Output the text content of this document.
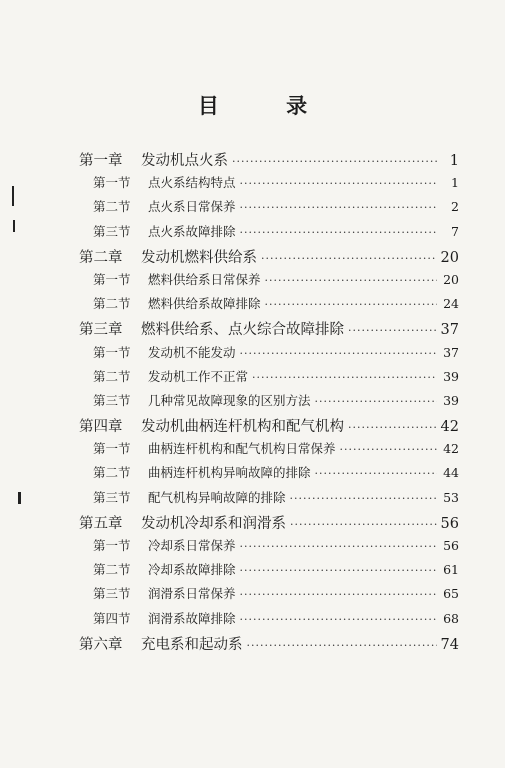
目 录
第一章	发动机点火系 ·····	1
第一节	点火系结构特点 ·····	1
第二节	点火系日常保养 ·····	2
第三节	点火系故障排除 ·····	7
第二章	发动机燃料供给系 ·····	20
第一节	燃料供给系日常保养 ·····	20
第二节	燃料供给系故障排除 ·····	24
第三章	燃料供给系、点火综合故障排除 ·····	37
第一节	发动机不能发动 ·····	37
第二节	发动机工作不正常 ·····	39
第三节	几种常见故障现象的区别方法 ·····	39
第四章	发动机曲柄连杆机构和配气机构 ·····	42
第一节	曲柄连杆机构和配气机构日常保养 ·····	42
第二节	曲柄连杆机构异响故障的排除 ·····	44
第三节	配气机构异响故障的排除 ·····	53
第五章	发动机冷却系和润滑系 ·····	56
第一节	冷却系日常保养 ·····	56
第二节	冷却系故障排除 ·····	61
第三节	润滑系日常保养 ·····	65
第四节	润滑系故障排除 ·····	68
第六章	充电系和起动系 ·····	74
